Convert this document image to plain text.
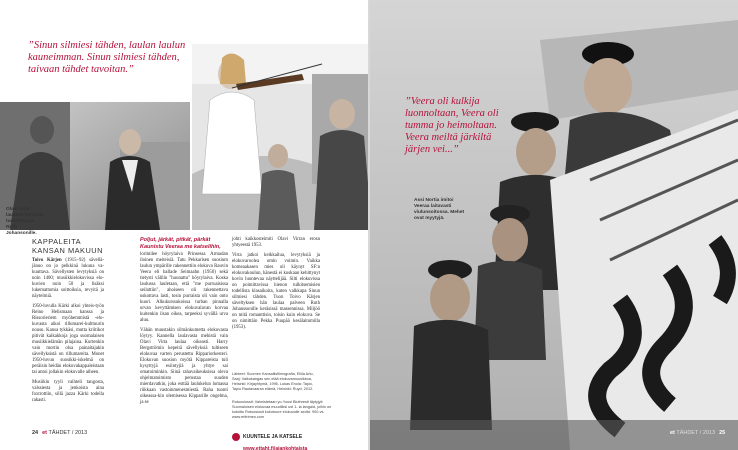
”Sinun silmiesi tähden, laulan laulun kauneimman. Sinun silmiesi tähden, taivaan tähdet tavoitan.”
”Veera oli kulkija luonnoltaan, Veera oli tumma jo heimoltaan. Veera meiltä järkiltä järjen vei...”
Olavi Virta laulalee keskellä tunnelmissa Ruth Johansonille.
Assi Nortia imitoi Veeraa laitavasti viulunsoitossa. Mehet ovat myytyjä.
KAPPALEITA KANSAN MAKUUN

Toivo Kärjen (1915–92) sävellä-jänuo on jo pelkkinä lukuna va-kuuttava. Sävellysten levytyksiä on noin 1400; musiikkielokuvissa elo-kuvien noin 50 ja lisäksi lukemattomia soittoiksia, revyitä ja näytelmiä.

1950-luvulla Kärki alkoi yhteis-työn Reino Helismaan kanssa ja Rissorieriem myöhemmistä -elo-kuvasta aikoi rillumarei-kulttuurin nousu. Kansa tykkäsi, mutta kriitikot pitivät kaikakkoja joga suomalaisen musiikkielämän pilajaina. Kurtenkin vain mortin olsa painaitajakin sävellyksistä on rillumareita. Monet 1950-luvun suosikki-iskelmä on peräisin heidän elokuvakappaleistaan tai antoi jollakin elokuvalle aiheen.

Musiikin tyyli vaihteli tangosta, valssiesta ja jenkoista aina foxtrottiin, sillä jazza Kärki todella rakasti.

Poljut, järkät, pitkät, pärkät Kaunistu Veeraa me katselihin,

lorimilee höyrylaiva Prinsessa Armadan iloinen meiteisiä. Tatu Pekkarisen suosium laulun ympärille rakennettiin elokuva Rauvin Veera eli ballade Seimaahn (1950) sekä tietysti välilin "huunattu" höyrylaiva. Koska laulussa lauletaan, että "me purruaisissa seilattiin", ahoiseen oli rakennettava uskottava lasti, tosin purraista oli vain onto kuori. Alkukurssukoissa turban pinnalla urvan kevyttämisen elokuvalavan korvaa kuitenkin ilsan oikea, tarpeeksi syvällä urva aluu.

Vähän muustakin silmänkumetta elokuvasta löytyy. Kannella laulavasta mehistä vain Olavi Virta laulaa oikeasti. Harry Bergströmin kepeitä sävellyksiä tultiseen elokuvaa varten perustettu Rippariorkesteri. Elokuvan suosion myötä Kippareista tuli kysyttyjä esiintyjiä ja yhtye sai omatoiminkin. Siinä rahavaikeuksissa oleva ohjelmatoimisto perustaa suuden mierdavatkin, joka esttää laulukelun lomassa riikkaan vastoinmenesmiestä. Raha tuonti oikeassa-kin olemisessa Kipparille ongelma, ja se

johti kaikkosteimiti Olavi Virran erosn yhtyeestä 1953.

Virta jatkoi keikkailua, levytyksiä ja elokuvaroolea omin voimin. Vaikka komeaakasen mies oli käynyt SF:n elokuvakoulun, hänestä ei koskaan kehittynyt kovin luontevaa näyttelijää. Silti elokuvissa on poimittavissa hienon tulkitsemisien todellista klasaikoita, kuten valkkapa Sinun silmiesi tähden. Tuon Toivo Kärjen säveltyksen hän laulaa palveen Ruth Johanssonille keräsissä massennissa. Miljöö on mitä romanttisin, toisin kuin elokuva. Se on nimittäin Pekka Puupää kesälaitumilla (1953).

Lähteet: Suomen Kansallisfilmografia, Ellila Arto, Saaj: Valkokangas sen elää elokuvamuusikkoa, Helsinki: Kirjayhtymä, 1995. Lukas Enola: Tapio, Tapio Rautavaaran elämä, Helsinki: Ruyd, 2012.
Rotuosiossit: Valmistetaan yo-Yousi Bluthresti täytyjyit Suomaloisen elokuvaa muudliksi ust 1- ia langaid, joihin on kutsittu Rotuosiosit kokotuure elokuvalle sedtd. 900-vs. www.eritrimeo.com
KUUNTELE JA KATSELE
www.ettaht.fi/ajankohtaista
24 et TÄHDET / 2013	et TÄHDET / 2013 25
